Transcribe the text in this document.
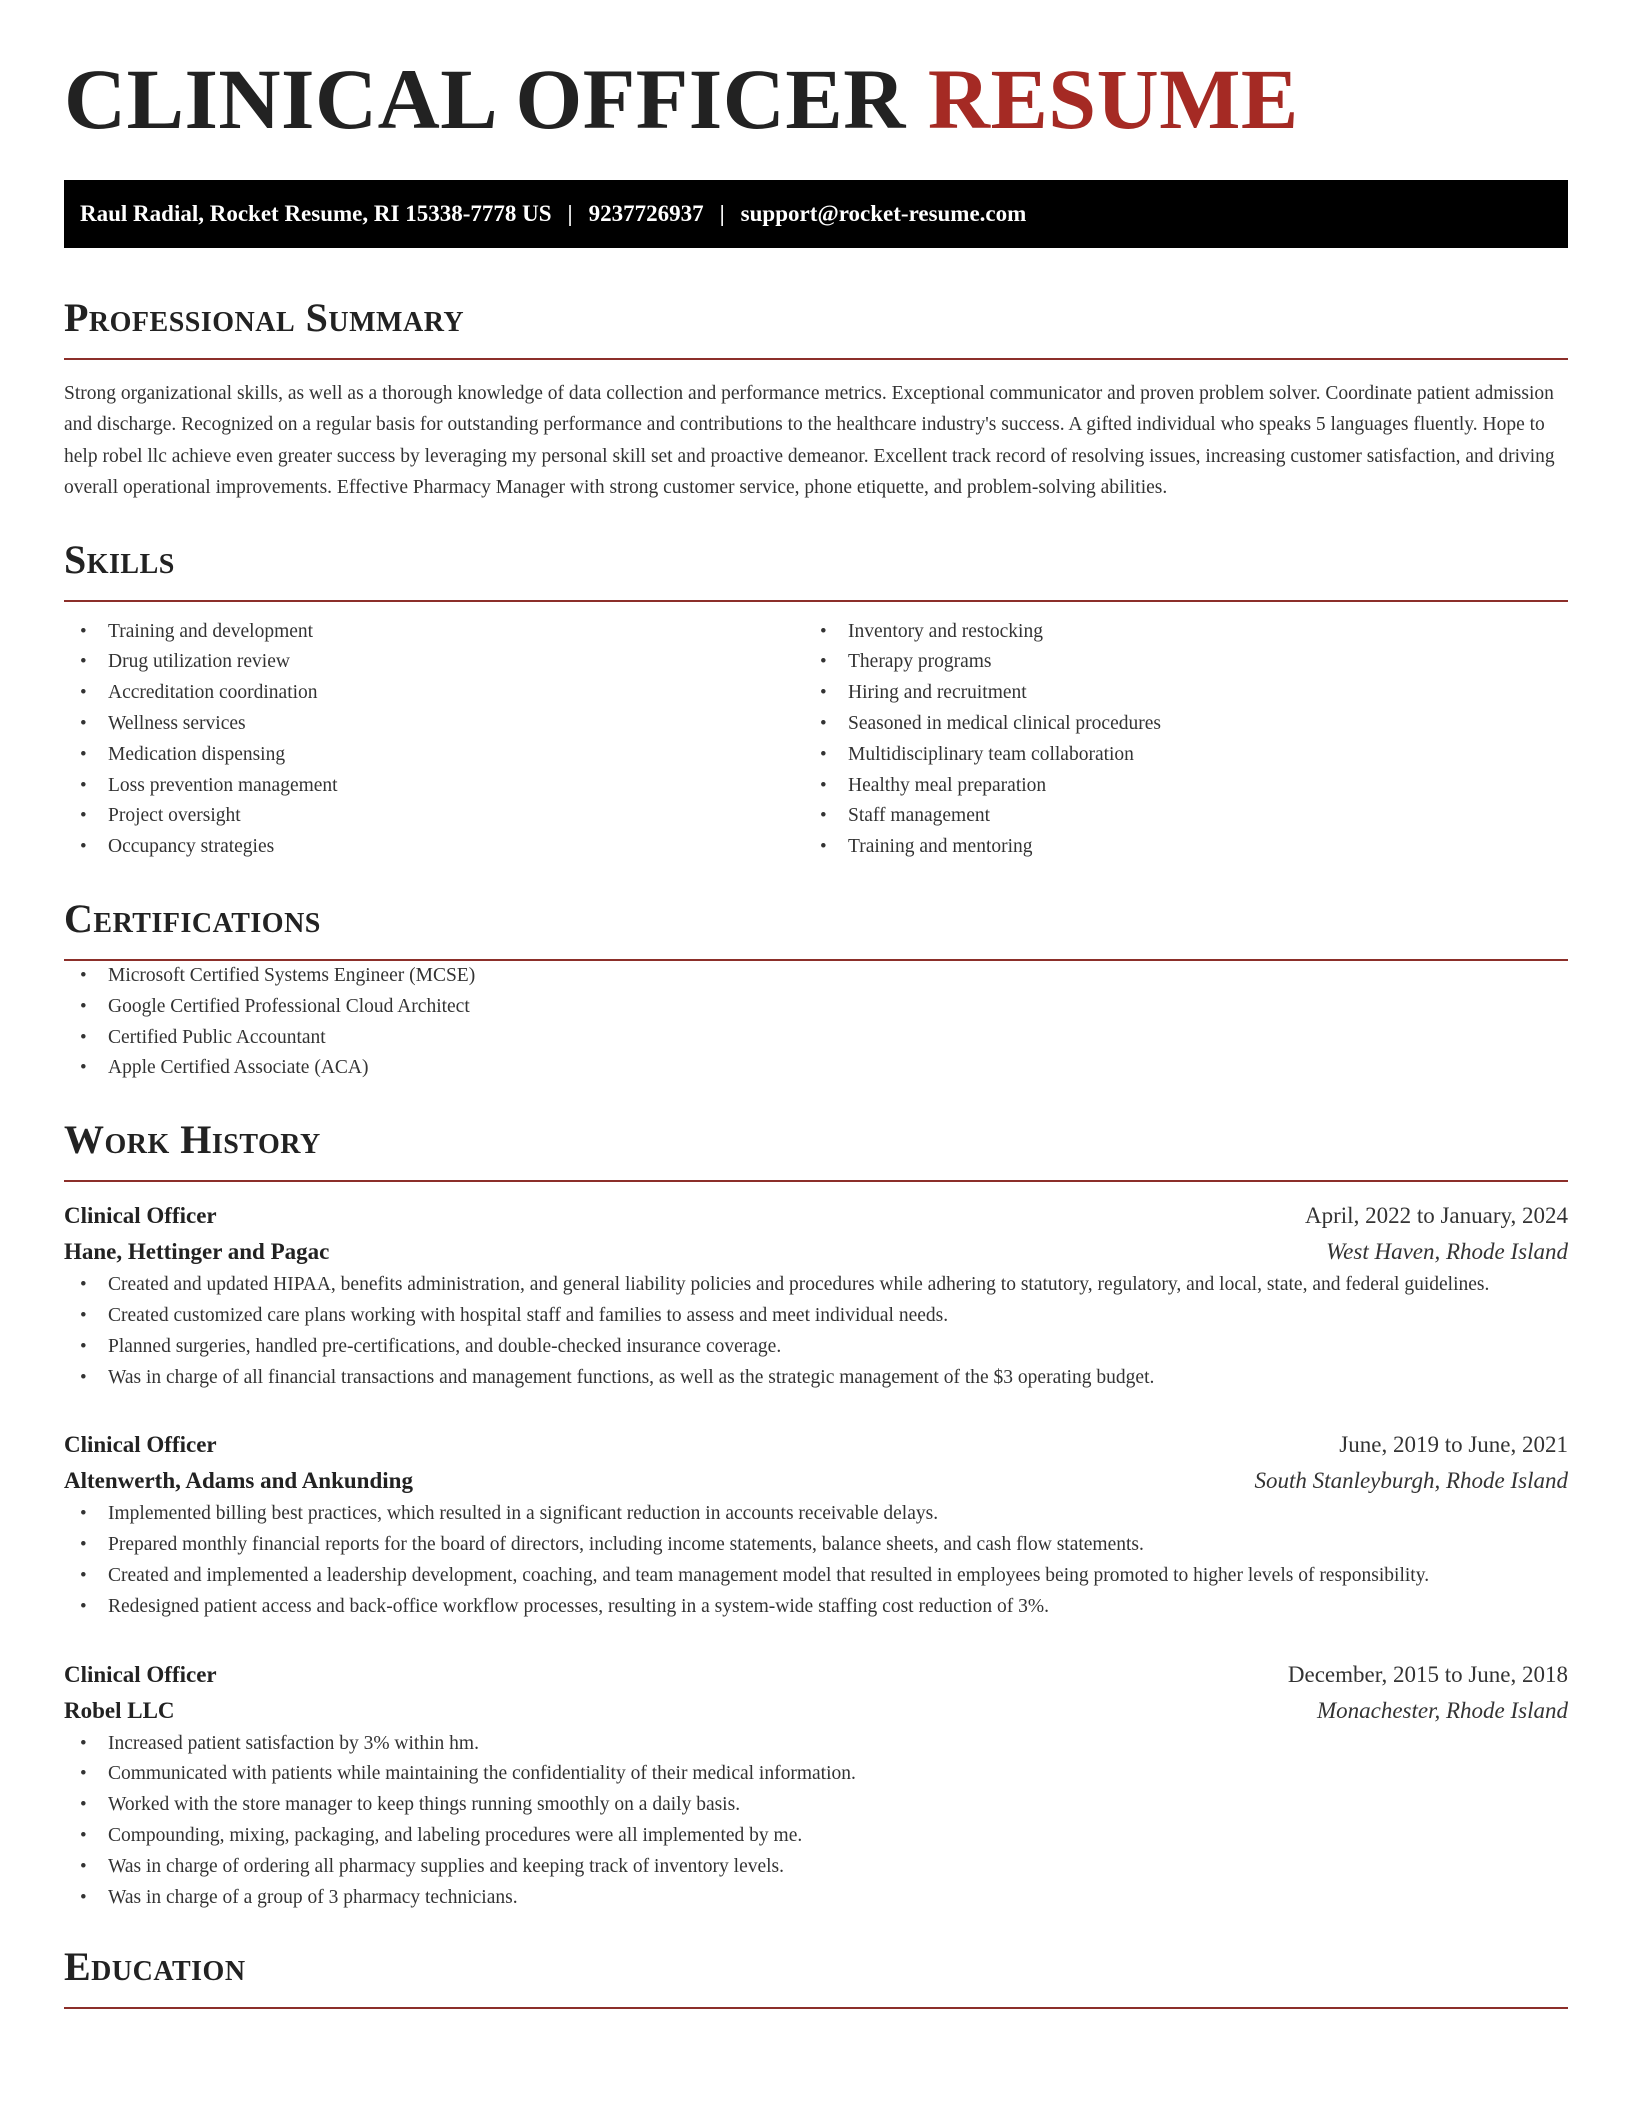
CLINICAL OFFICER RESUME
Raul Radial, Rocket Resume, RI 15338-7778 US | 9237726937 | support@rocket-resume.com
Professional Summary

Strong organizational skills, as well as a thorough knowledge of data collection and performance metrics. Exceptional communicator and proven problem solver. Coordinate patient admission and discharge. Recognized on a regular basis for outstanding performance and contributions to the healthcare industry's success. A gifted individual who speaks 5 languages fluently. Hope to help robel llc achieve even greater success by leveraging my personal skill set and proactive demeanor. Excellent track record of resolving issues, increasing customer satisfaction, and driving overall operational improvements. Effective Pharmacy Manager with strong customer service, phone etiquette, and problem-solving abilities.

Skills
• Training and development
• Drug utilization review
• Accreditation coordination
• Wellness services
• Medication dispensing
• Loss prevention management
• Project oversight
• Occupancy strategies
• Inventory and restocking
• Therapy programs
• Hiring and recruitment
• Seasoned in medical clinical procedures
• Multidisciplinary team collaboration
• Healthy meal preparation
• Staff management
• Training and mentoring
Certifications
• Microsoft Certified Systems Engineer (MCSE)
• Google Certified Professional Cloud Architect
• Certified Public Accountant
• Apple Certified Associate (ACA)
Work History
Clinical Officer	April, 2022 to January, 2024
Hane, Hettinger and Pagac	West Haven, Rhode Island
• Created and updated HIPAA, benefits administration, and general liability policies and procedures while adhering to statutory, regulatory, and local, state, and federal guidelines.
• Created customized care plans working with hospital staff and families to assess and meet individual needs.
• Planned surgeries, handled pre-certifications, and double-checked insurance coverage.
• Was in charge of all financial transactions and management functions, as well as the strategic management of the $3 operating budget.
Clinical Officer	June, 2019 to June, 2021
Altenwerth, Adams and Ankunding	South Stanleyburgh, Rhode Island
• Implemented billing best practices, which resulted in a significant reduction in accounts receivable delays.
• Prepared monthly financial reports for the board of directors, including income statements, balance sheets, and cash flow statements.
• Created and implemented a leadership development, coaching, and team management model that resulted in employees being promoted to higher levels of responsibility.
• Redesigned patient access and back-office workflow processes, resulting in a system-wide staffing cost reduction of 3%.
Clinical Officer	December, 2015 to June, 2018
Robel LLC	Monachester, Rhode Island
• Increased patient satisfaction by 3% within hm.
• Communicated with patients while maintaining the confidentiality of their medical information.
• Worked with the store manager to keep things running smoothly on a daily basis.
• Compounding, mixing, packaging, and labeling procedures were all implemented by me.
• Was in charge of ordering all pharmacy supplies and keeping track of inventory levels.
• Was in charge of a group of 3 pharmacy technicians.
Education
